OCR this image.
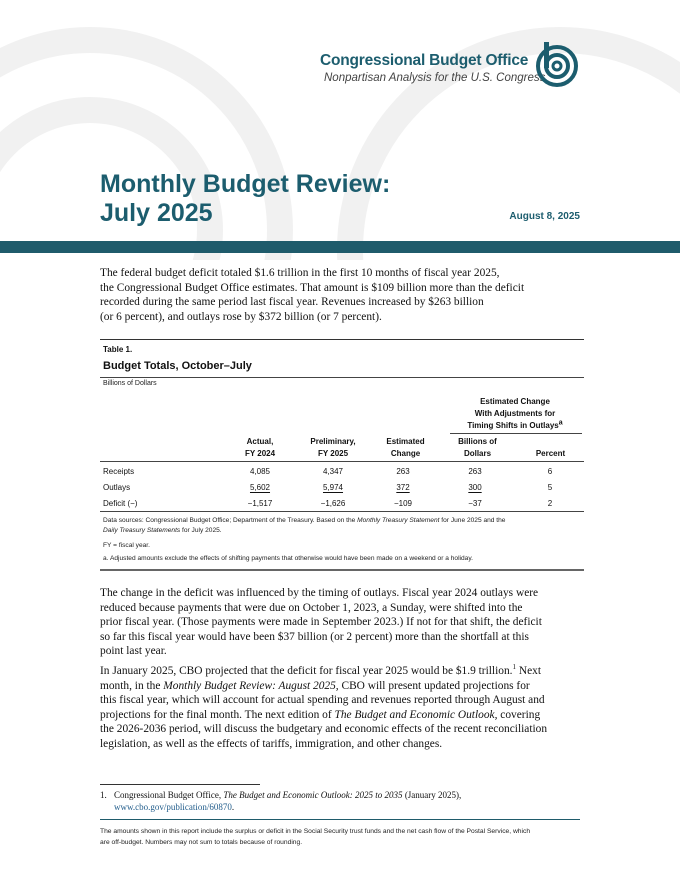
Congressional Budget Office
Nonpartisan Analysis for the U.S. Congress
Monthly Budget Review:
July 2025	August 8, 2025
The federal budget deficit totaled $1.6 trillion in the first 10 months of fiscal year 2025,
the Congressional Budget Office estimates. That amount is $109 billion more than the deficit
recorded during the same period last fiscal year. Revenues increased by $263 billion
(or 6 percent), and outlays rose by $372 billion (or 7 percent).
Table 1.
Budget Totals, October–July
Billions of Dollars
Estimated Change
With Adjustments for
Timing Shifts in Outlays$^a$
Actual,
FY 2024
Preliminary,
FY 2025
Estimated
Change
Billions of
Dollars
	Percent
Receipts	4,085	4,347	263	263	6
Outlays	5,602	5,974	372	300	5
Deficit (−)	−1,517	−1,626	−109	−37	2
Data sources: Congressional Budget Office; Department of the Treasury. Based on the Monthly Treasury Statement for June 2025 and the
Daily Treasury Statements for July 2025.
FY = fiscal year.
a. Adjusted amounts exclude the effects of shifting payments that otherwise would have been made on a weekend or a holiday.
The change in the deficit was influenced by the timing of outlays. Fiscal year 2024 outlays were
reduced because payments that were due on October 1, 2023, a Sunday, were shifted into the
prior fiscal year. (Those payments were made in September 2023.) If not for that shift, the deficit
so far this fiscal year would have been $37 billion (or 2 percent) more than the shortfall at this
point last year.
In January 2025, CBO projected that the deficit for fiscal year 2025 would be $1.9 trillion.$^1$ Next
month, in the Monthly Budget Review: August 2025, CBO will present updated projections for
this fiscal year, which will account for actual spending and revenues reported through August and
projections for the final month. The next edition of The Budget and Economic Outlook, covering
the 2026-2036 period, will discuss the budgetary and economic effects of the recent reconciliation
legislation, as well as the effects of tariffs, immigration, and other changes.
1. Congressional Budget Office, The Budget and Economic Outlook: 2025 to 2035 (January 2025),
www.cbo.gov/publication/60870.
The amounts shown in this report include the surplus or deficit in the Social Security trust funds and the net cash flow of the Postal Service, which
are off-budget. Numbers may not sum to totals because of rounding.
